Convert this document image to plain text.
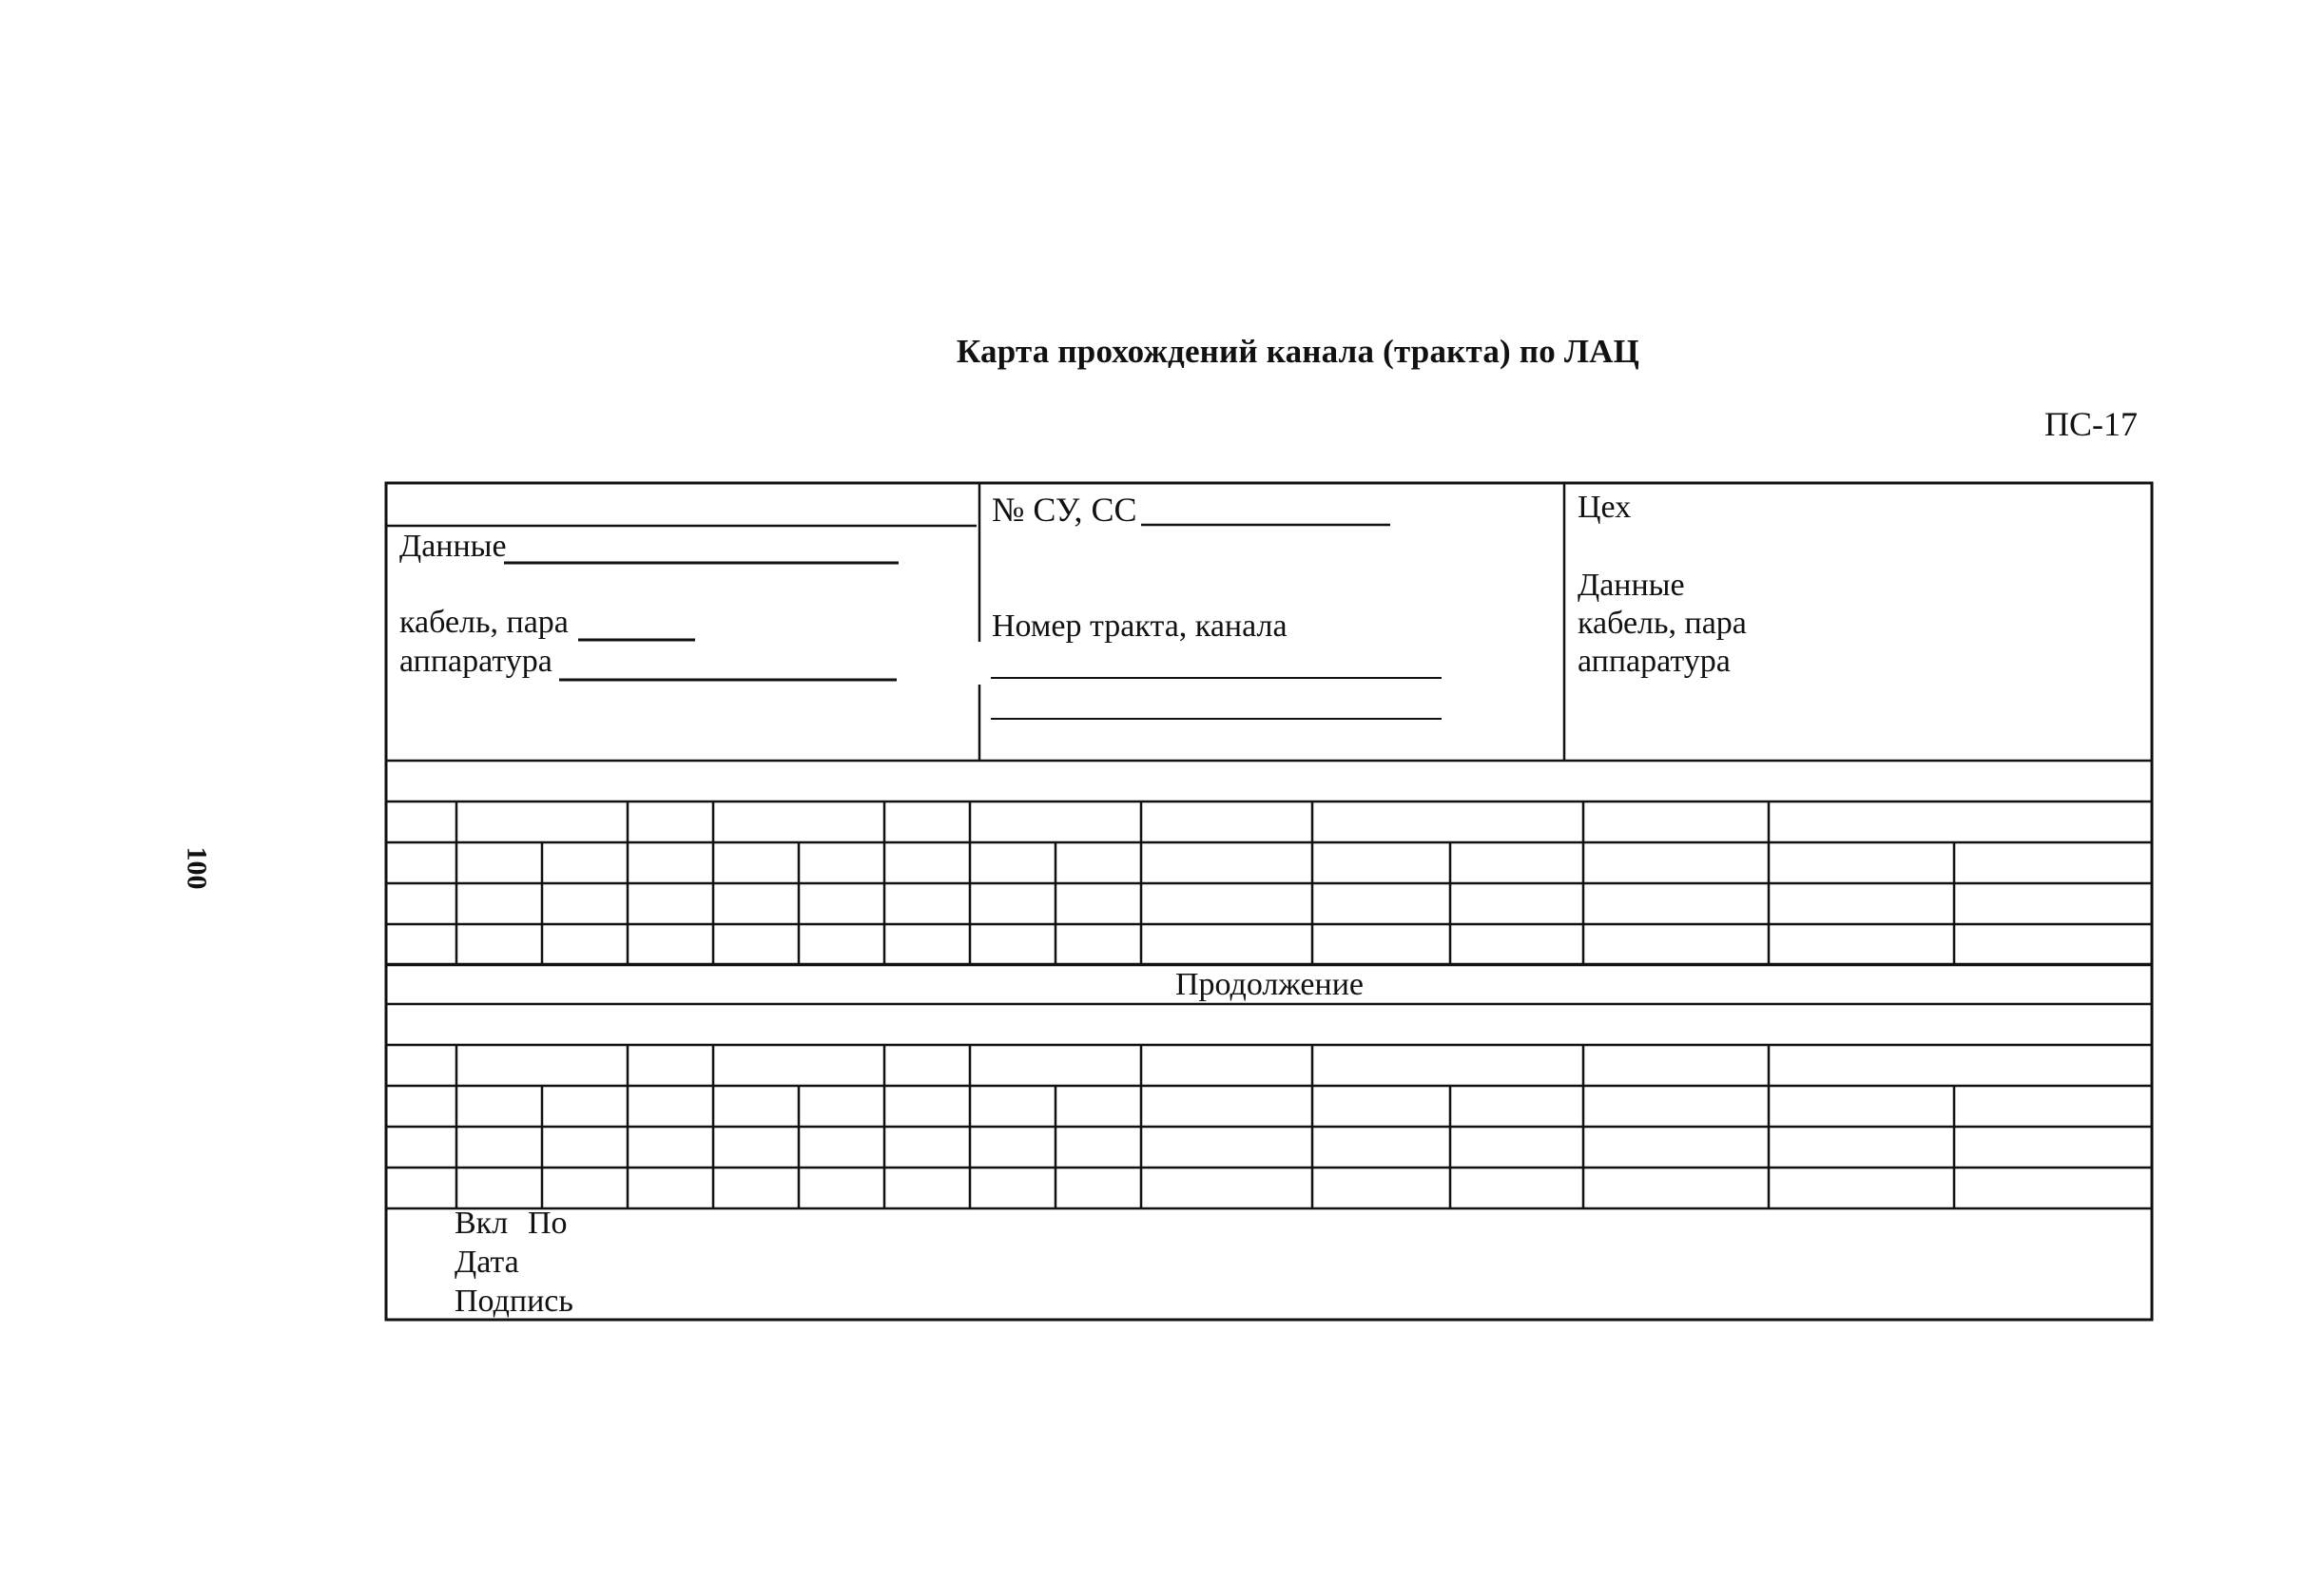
Карта прохождений канала (тракта) по ЛАЦ
ПС-17
100
Данные
кабель, пара
аппаратура
№ СУ, СС
Номер тракта, канала
Цех
Данные
кабель, пара
аппаратура
Продолжение
Вкл По
Дата
Подпись
